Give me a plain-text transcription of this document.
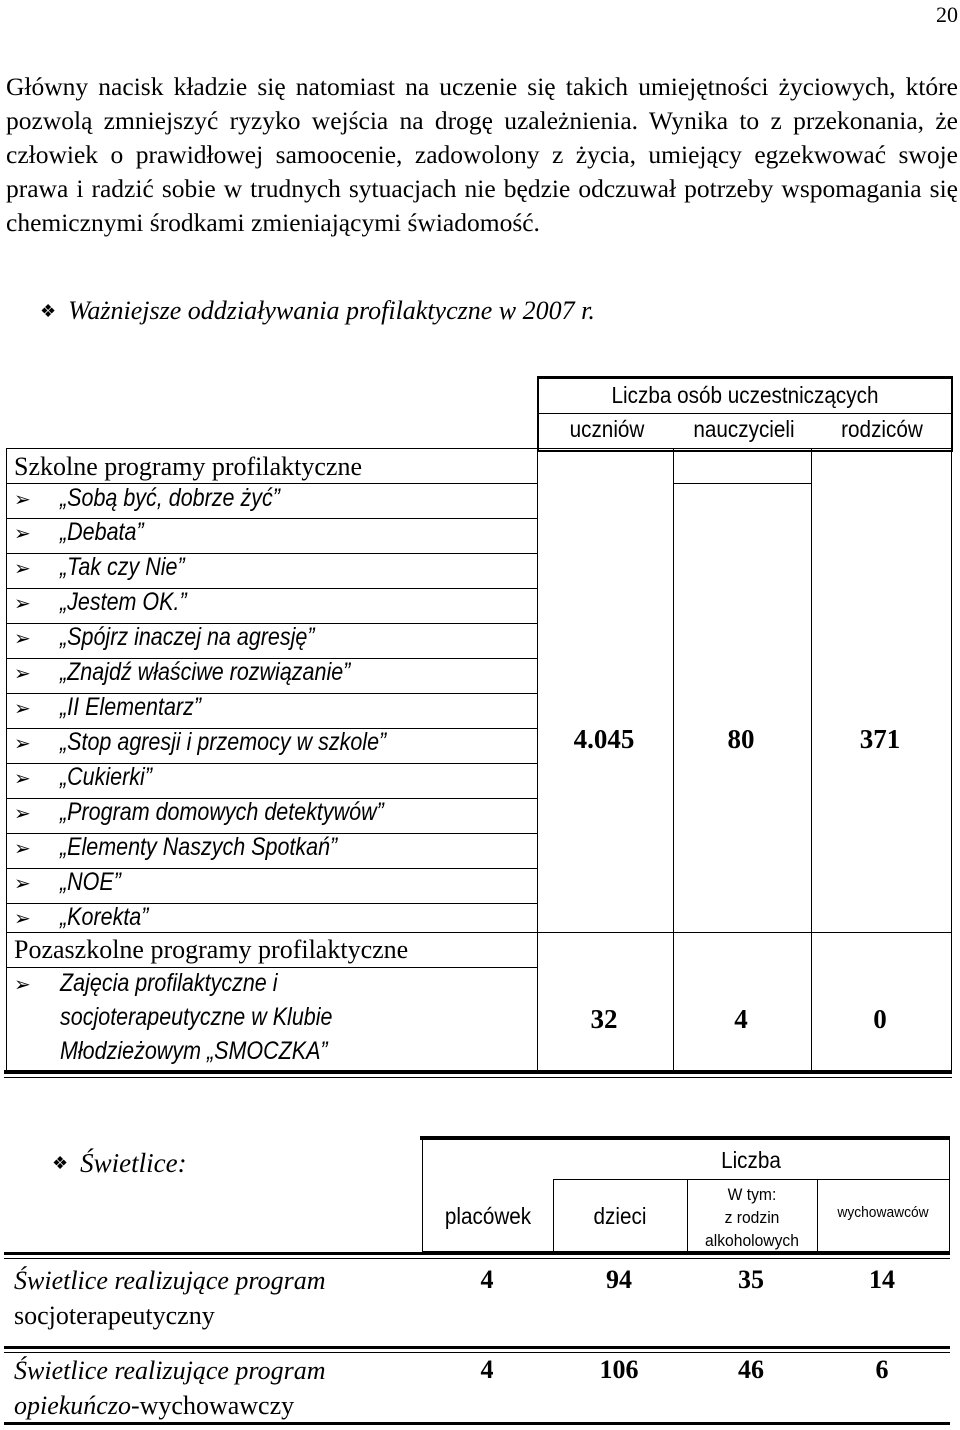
20

Główny nacisk kładzie się natomiast na uczenie się takich umiejętności życiowych, które pozwolą zmniejszyć ryzyko wejścia na drogę uzależnienia. Wynika to z przekonania, że człowiek o prawidłowej samoocenie, zadowolony z życia, umiejący egzekwować swoje prawa i radzić sobie w trudnych sytuacjach nie będzie odczuwał potrzeby wspomagania się chemicznymi środkami zmieniającymi świadomość.

❖ Ważniejsze oddziaływania profilaktyczne w 2007 r.
Liczba osób uczestniczących
uczniów	nauczycieli	rodziców
Szkolne programy profilaktyczne
➢	„Sobą być, dobrze żyć”
➢	„Debata”
➢	„Tak czy Nie”
➢	„Jestem OK.”
➢	„Spójrz inaczej na agresję”
➢	„Znajdź właściwe rozwiązanie”
➢	„II Elementarz”
➢	„Stop agresji i przemocy w szkole”
➢	„Cukierki”
➢	„Program domowych detektywów”
➢	„Elementy Naszych Spotkań”
➢	„NOE”
➢	„Korekta”
4.045	80	371
Pozaszkolne programy profilaktyczne
➢	Zajęcia profilaktyczne i
socjoterapeutyczne w Klubie
Młodzieżowym „SMOCZKA”
32	4	0
❖ Świetlice:	Liczba
placówek	dzieci
W tym:
z rodzin
alkoholowych
wychowawców
Świetlice realizujące program
socjoterapeutyczny
4	94	35	14
Świetlice realizujące program
opiekuńczo-wychowawczy
4	106	46	6
